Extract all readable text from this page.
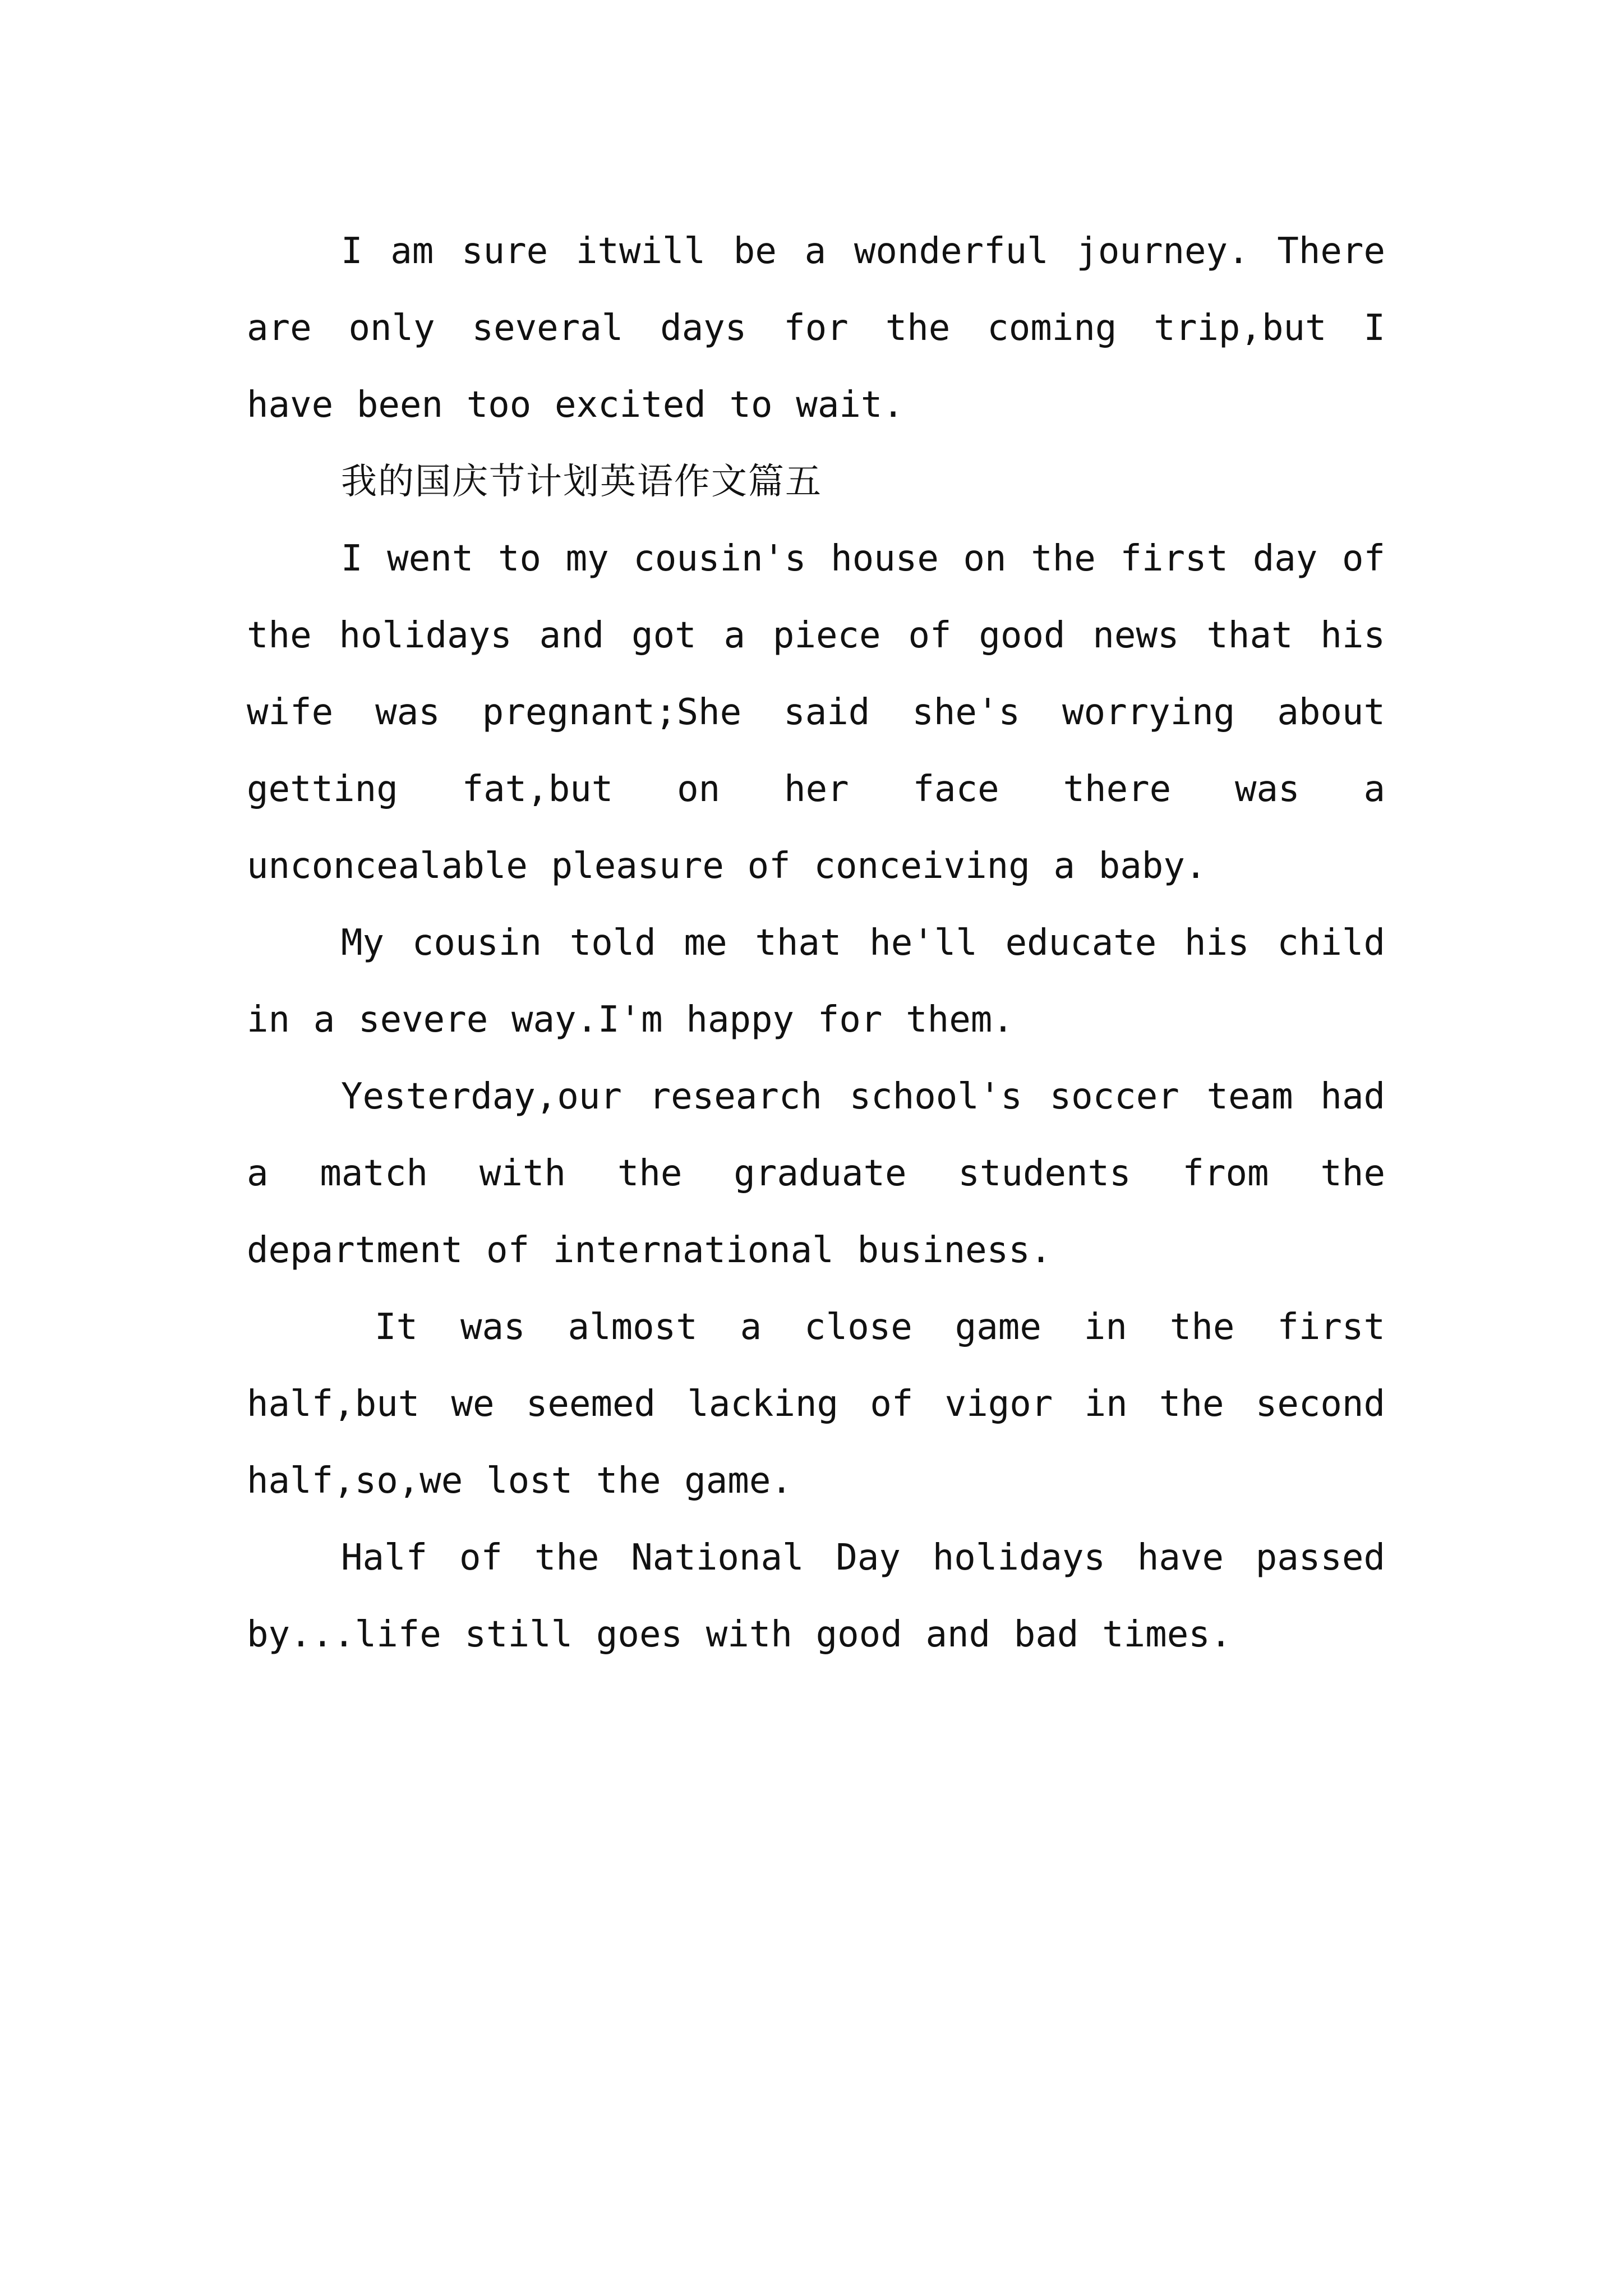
I am sure itwill be a wonderful journey. There are only several days for the coming trip,but I have been too excited to wait.

我的国庆节计划英语作文篇五

I went to my cousin's house on the first day of the holidays and got a piece of good news that his wife was pregnant;She said she's worrying about getting fat,but on her face there was a unconcealable pleasure of conceiving a baby.

My cousin told me that he'll educate his child in a severe way.I'm happy for them.

Yesterday,our research school's soccer team had a match with the graduate students from the department of international business.

It was almost a close game in the first half,but we seemed lacking of vigor in the second half,so,we lost the game.

Half of the National Day holidays have passed by...life still goes with good and bad times.
